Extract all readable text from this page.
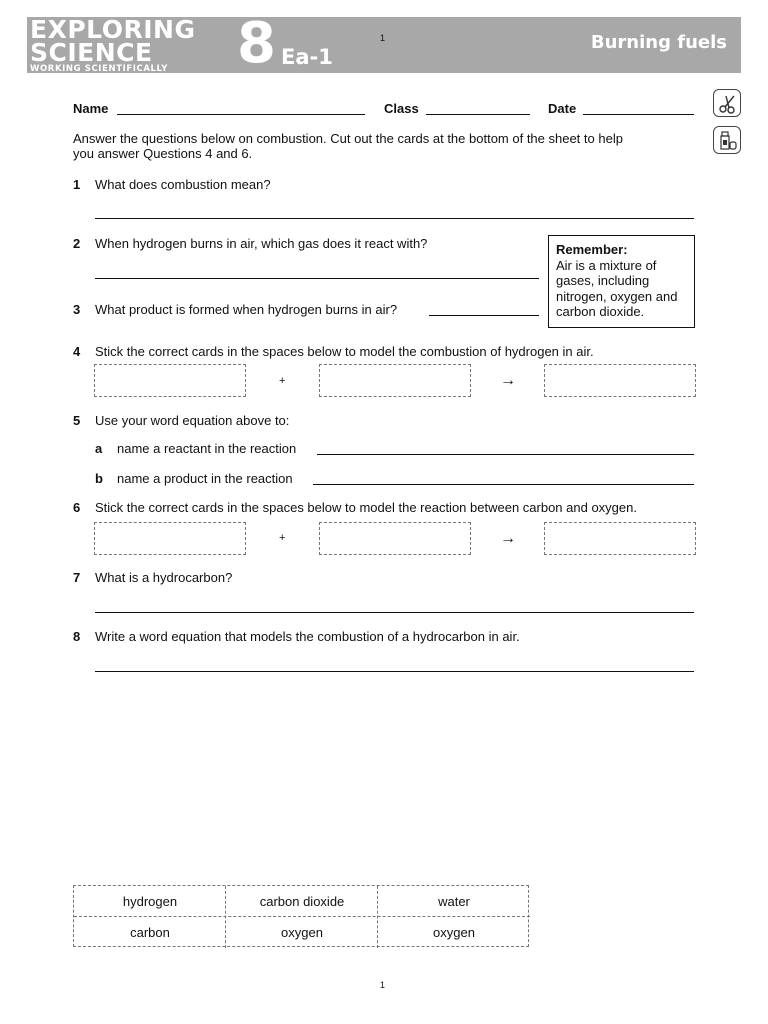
EXPLORING
SCIENCE
WORKING SCIENTIFICALLY	8 Ea-1
1	Burning fuels
Name	Class	Date
Answer the questions below on combustion. Cut out the cards at the bottom of the sheet to help
you answer Questions 4 and 6.
1 What does combustion mean?
2 When hydrogen burns in air, which gas does it react with?	Remember:
Air is a mixture of
gases, including
nitrogen, oxygen and
carbon dioxide.
3 What product is formed when hydrogen burns in air?
4 Stick the correct cards in the spaces below to model the combustion of hydrogen in air.
+	→
5 Use your word equation above to:
a name a reactant in the reaction
b name a product in the reaction
6 Stick the correct cards in the spaces below to model the reaction between carbon and oxygen.
+	→
7 What is a hydrocarbon?
8 Write a word equation that models the combustion of a hydrocarbon in air.
hydrogen	carbon dioxide	water
carbon	oxygen	oxygen
1
